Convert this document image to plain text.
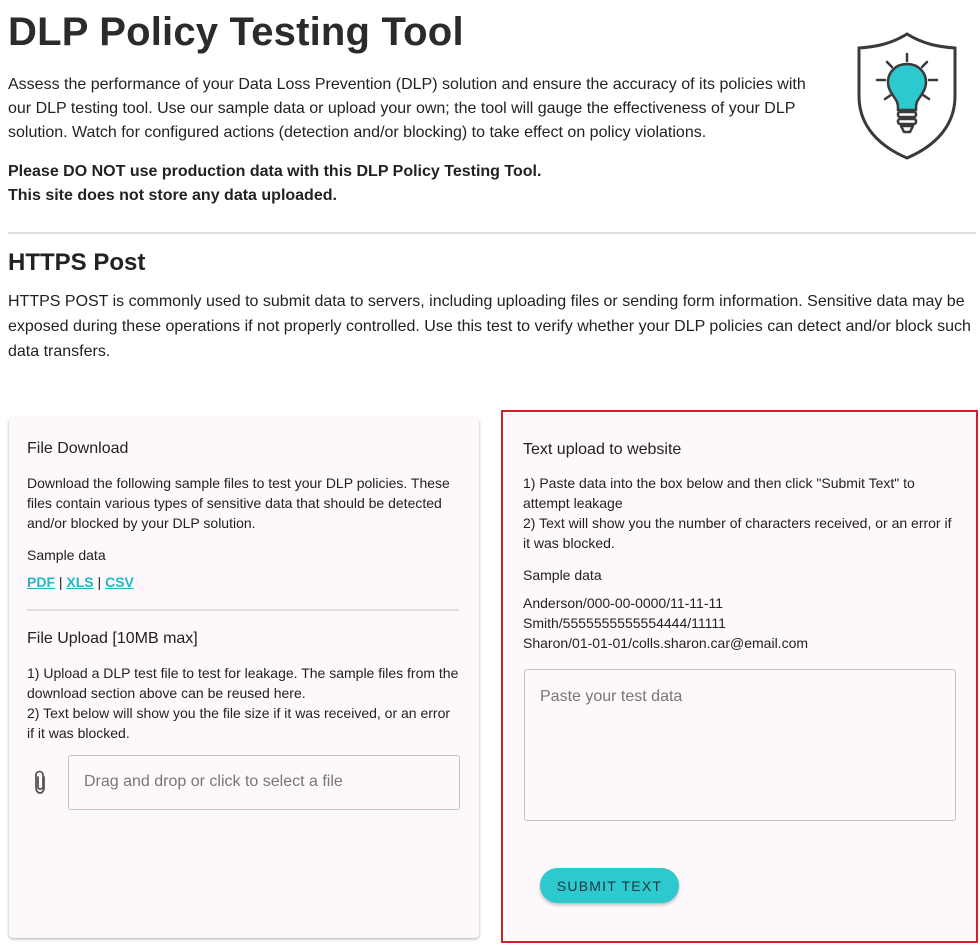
DLP Policy Testing Tool

Assess the performance of your Data Loss Prevention (DLP) solution and ensure the accuracy of its policies with our DLP testing tool. Use our sample data or upload your own; the tool will gauge the effectiveness of your DLP solution. Watch for configured actions (detection and/or blocking) to take effect on policy violations.

Please DO NOT use production data with this DLP Policy Testing Tool.
This site does not store any data uploaded.
HTTPS Post

HTTPS POST is commonly used to submit data to servers, including uploading files or sending form information. Sensitive data may be exposed during these operations if not properly controlled. Use this test to verify whether your DLP policies can detect and/or block such data transfers.

File Download
Download the following sample files to test your DLP policies. These files contain various types of sensitive data that should be detected and/or blocked by your DLP solution.
Sample data
PDF | XLS | CSV
File Upload [10MB max]
1) Upload a DLP test file to test for leakage. The sample files from the download section above can be reused here.
2) Text below will show you the file size if it was received, or an error if it was blocked.
Drag and drop or click to select a file
Text upload to website
1) Paste data into the box below and then click "Submit Text" to attempt leakage
2) Text will show you the number of characters received, or an error if it was blocked.
Sample data
Anderson/000-00-0000/11-11-11
Smith/5555555555554444/11111
Sharon/01-01-01/colls.sharon.car@email.com
Paste your test data
SUBMIT TEXT
